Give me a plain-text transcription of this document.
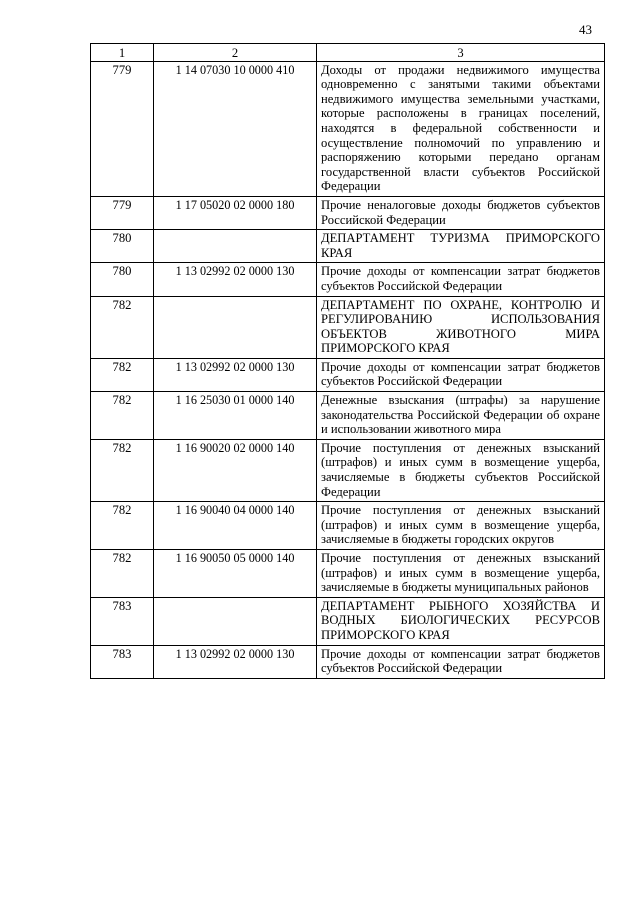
43
1	2	3
779	1 14 07030 10 0000 410	Доходы от продажи недвижимого имущества одновременно с занятыми такими объектами недвижимого имущества земельными участками, которые расположены в границах поселений, находятся в федеральной собственности и осуществление полномочий по управлению и распоряжению которыми передано органам государственной власти субъектов Российской Федерации
779	1 17 05020 02 0000 180	Прочие неналоговые доходы бюджетов субъектов Российской Федерации
780		ДЕПАРТАМЕНТ ТУРИЗМА ПРИМОРСКОГО КРАЯ
780	1 13 02992 02 0000 130	Прочие доходы от компенсации затрат бюджетов субъектов Российской Федерации
782		ДЕПАРТАМЕНТ ПО ОХРАНЕ, КОНТРОЛЮ И РЕГУЛИРОВАНИЮ ИСПОЛЬЗОВАНИЯ ОБЪЕКТОВ ЖИВОТНОГО МИРА ПРИМОРСКОГО КРАЯ
782	1 13 02992 02 0000 130	Прочие доходы от компенсации затрат бюджетов субъектов Российской Федерации
782	1 16 25030 01 0000 140	Денежные взыскания (штрафы) за нарушение законодательства Российской Федерации об охране и использовании животного мира
782	1 16 90020 02 0000 140	Прочие поступления от денежных взысканий (штрафов) и иных сумм в возмещение ущерба, зачисляемые в бюджеты субъектов Российской Федерации
782	1 16 90040 04 0000 140	Прочие поступления от денежных взысканий (штрафов) и иных сумм в возмещение ущерба, зачисляемые в бюджеты городских округов
782	1 16 90050 05 0000 140	Прочие поступления от денежных взысканий (штрафов) и иных сумм в возмещение ущерба, зачисляемые в бюджеты муниципальных районов
783		ДЕПАРТАМЕНТ РЫБНОГО ХОЗЯЙСТВА И ВОДНЫХ БИОЛОГИЧЕСКИХ РЕСУРСОВ ПРИМОРСКОГО КРАЯ
783	1 13 02992 02 0000 130	Прочие доходы от компенсации затрат бюджетов субъектов Российской Федерации
